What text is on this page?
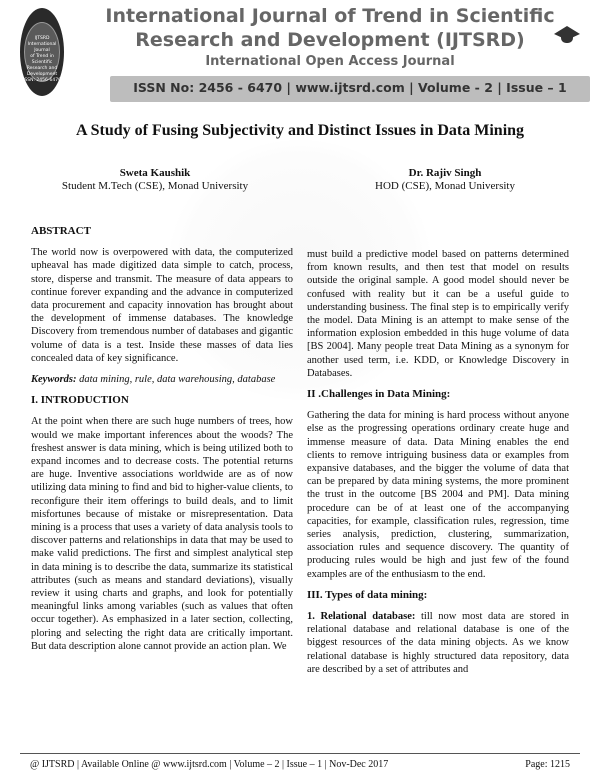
IJTSRD
International Journal
of Trend in Scientific
Research and
Development
ISSN: 2456-6470
International Journal of Trend in Scientific
Research and Development (IJTSRD)
International Open Access Journal
ISSN No: 2456 - 6470 | www.ijtsrd.com | Volume - 2 | Issue – 1
A Study of Fusing Subjectivity and Distinct Issues in Data Mining
Sweta Kaushik
Student M.Tech (CSE), Monad University
Dr. Rajiv Singh
HOD (CSE), Monad University
ABSTRACT

The world now is overpowered with data, the computerized upheaval has made digitized data simple to catch, process, store, disperse and transmit. The measure of data appears to continue forever expanding and the advance in computerized data procurement and capacity innovation has brought about the development of immense databases. The knowledge Discovery from tremendous number of databases and gigantic volume of data is a test. Inside these masses of data lies concealed data of key significance.

Keywords: data mining, rule, data warehousing, database

I. INTRODUCTION

At the point when there are such huge numbers of trees, how would we make important inferences about the woods? The freshest answer is data mining, which is being utilized both to expand incomes and to decrease costs. The potential returns are huge. Inventive associations worldwide are as of now utilizing data mining to find and bid to higher-value clients, to reconfigure their item offerings to build deals, and to limit misfortunes because of mistake or misrepresentation. Data mining is a process that uses a variety of data analysis tools to discover patterns and relationships in data that may be used to make valid predictions. The first and simplest analytical step in data mining is to describe the data, summarize its statistical attributes (such as means and standard deviations), visually review it using charts and graphs, and look for potentially meaningful links among variables (such as values that often occur together). As emphasized in a later section, collecting, ploring and selecting the right data are critically important. But data description alone cannot provide an action plan. We

must build a predictive model based on patterns determined from known results, and then test that model on results outside the original sample. A good model should never be confused with reality but it can be a useful guide to understanding business. The final step is to empirically verify the model. Data Mining is an attempt to make sense of the information explosion embedded in this huge volume of data [BS 2004]. Many people treat Data Mining as a synonym for another used term, i.e. KDD, or Knowledge Discovery in Databases.

II .Challenges in Data Mining:

Gathering the data for mining is hard process without anyone else as the progressing operations ordinary create huge and immense measure of data. Data Mining enables the end clients to remove intriguing business data or examples from expansive databases, and the bigger the volume of data that can be prepared by data mining systems, the more prominent the trust in the outcome [BS 2004 and PM]. Data mining procedure can be of at least one of the accompanying capacities, for example, classification rules, regression, time series analysis, prediction, clustering, summarization, association rules and sequence discovery. The quantity of producing rules would be high and just few of the found examples are of the enthusiasm to the end.

III. Types of data mining:

1. Relational database: till now most data are stored in relational database and relational database is one of the biggest resources of the data mining objects. As we know relational database is highly structured data repository, data are described by a set of attributes and

@ IJTSRD | Available Online @ www.ijtsrd.com | Volume – 2 | Issue – 1 | Nov-Dec 2017	Page: 1215
